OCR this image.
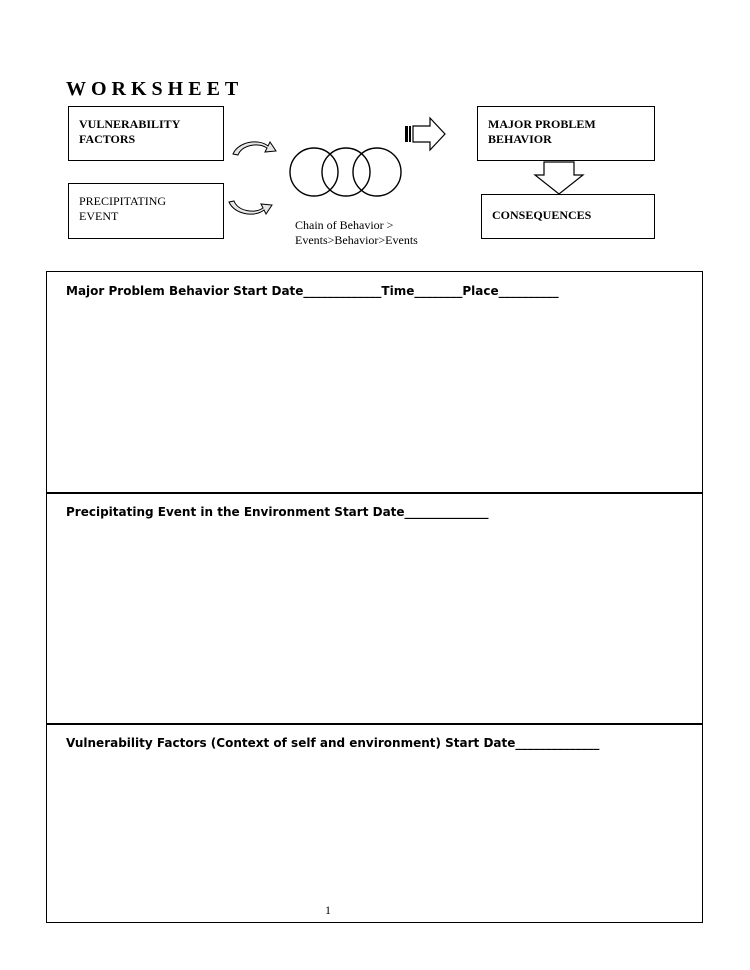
WORKSHEET
VULNERABILITY
FACTORS
PRECIPITATING
EVENT
Chain of Behavior >
Events>Behavior>Events
MAJOR PROBLEM
BEHAVIOR
CONSEQUENCES
Major Problem Behavior Start Date_____________Time________Place__________
Precipitating Event in the Environment Start Date______________
Vulnerability Factors (Context of self and environment) Start Date______________
1
